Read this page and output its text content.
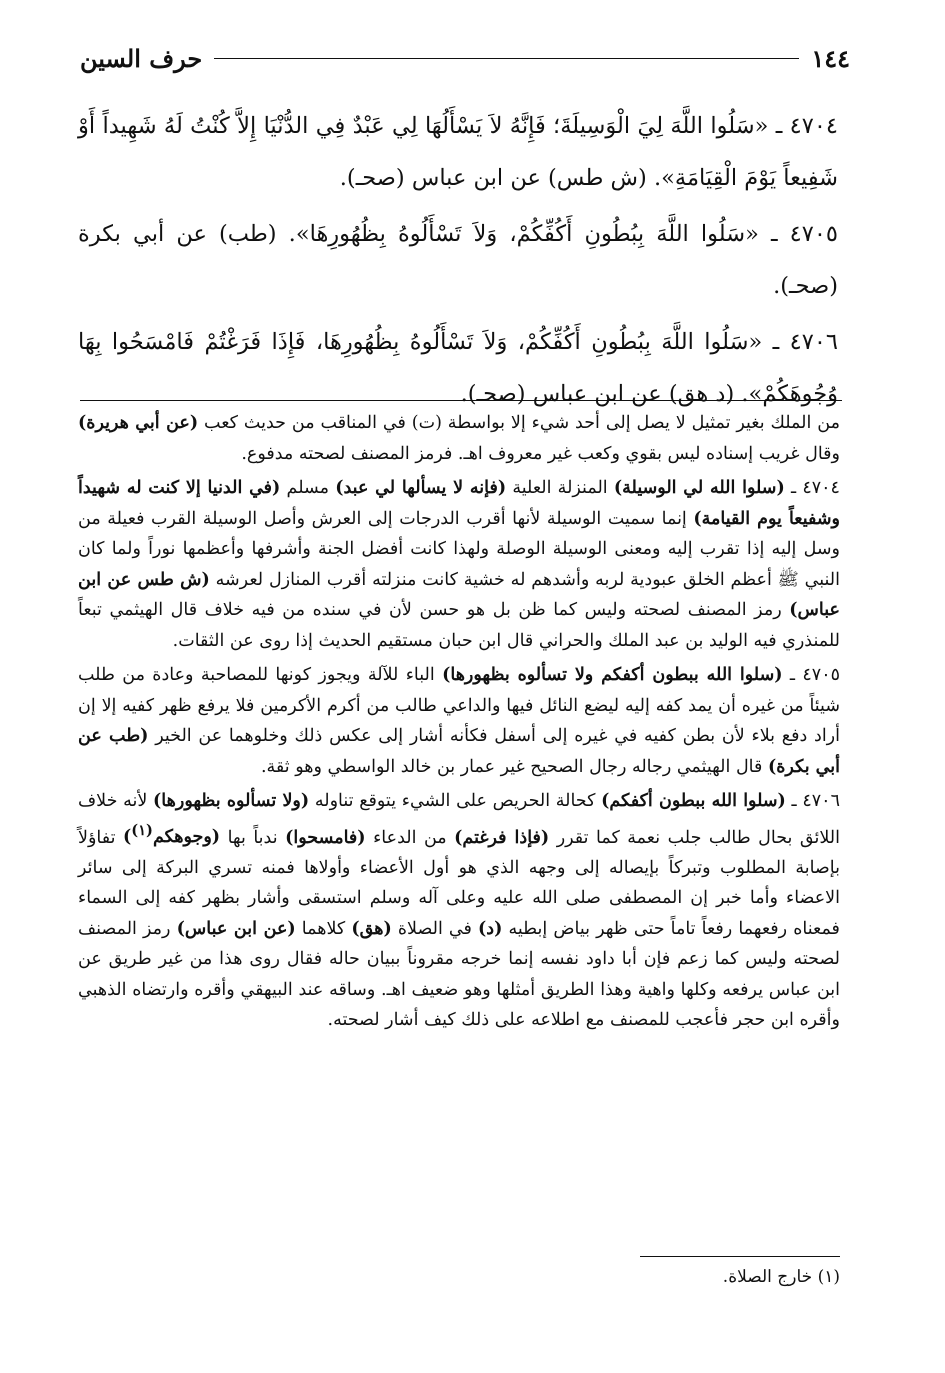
١٤٤
حرف السين

٤٧٠٤ ـ «سَلُوا اللَّهَ لِيَ الْوَسِيلَةَ؛ فَإِنَّهُ لاَ يَسْأَلُهَا لِي عَبْدٌ فِي الدُّنْيَا إِلاَّ كُنْتُ لَهُ شَهِيداً أَوْ شَفِيعاً يَوْمَ الْقِيَامَةِ». (ش طس) عن ابن عباس (صحـ).

٤٧٠٥ ـ «سَلُوا اللَّهَ بِبُطُونِ أَكُفِّكُمْ، وَلاَ تَسْأَلُوهُ بِظُهُورِهَا». (طب) عن أبي بكرة (صحـ).

٤٧٠٦ ـ «سَلُوا اللَّهَ بِبُطُونِ أَكُفِّكُمْ، وَلاَ تَسْأَلُوهُ بِظُهُورِهَا، فَإِذَا فَرَغْتُمْ فَامْسَحُوا بِهَا وُجُوهَكُمْ». (د هق) عن ابن عباس (صحـ).

من الملك بغير تمثيل لا يصل إلى أحد شيء إلا بواسطة (ت) في المناقب من حديث كعب (عن أبي هريرة) وقال غريب إسناده ليس بقوي وكعب غير معروف اهـ. فرمز المصنف لصحته مدفوع.

٤٧٠٤ ـ (سلوا الله لي الوسيلة) المنزلة العلية (فإنه لا يسألها لي عبد) مسلم (في الدنيا إلا كنت له شهيداً وشفيعاً يوم القيامة) إنما سميت الوسيلة لأنها أقرب الدرجات إلى العرش وأصل الوسيلة القرب فعيلة من وسل إليه إذا تقرب إليه ومعنى الوسيلة الوصلة ولهذا كانت أفضل الجنة وأشرفها وأعظمها نوراً ولما كان النبي ﷺ أعظم الخلق عبودية لربه وأشدهم له خشية كانت منزلته أقرب المنازل لعرشه (ش طس عن ابن عباس) رمز المصنف لصحته وليس كما ظن بل هو حسن لأن في سنده من فيه خلاف قال الهيثمي تبعاً للمنذري فيه الوليد بن عبد الملك والحراني قال ابن حبان مستقيم الحديث إذا روى عن الثقات.

٤٧٠٥ ـ (سلوا الله ببطون أكفكم ولا تسألوه بظهورها) الباء للآلة ويجوز كونها للمصاحبة وعادة من طلب شيئاً من غيره أن يمد كفه إليه ليضع النائل فيها والداعي طالب من أكرم الأكرمين فلا يرفع ظهر كفيه إلا إن أراد دفع بلاء لأن بطن كفيه في غيره إلى أسفل فكأنه أشار إلى عكس ذلك وخلوهما عن الخير (طب عن أبي بكرة) قال الهيثمي رجاله رجال الصحيح غير عمار بن خالد الواسطي وهو ثقة.

٤٧٠٦ ـ (سلوا الله ببطون أكفكم) كحالة الحريص على الشيء يتوقع تناوله (ولا تسألوه بظهورها) لأنه خلاف اللائق بحال طالب جلب نعمة كما تقرر (فإذا فرغتم) من الدعاء (فامسحوا) ندباً بها (وجوهكم$^{(١)}$) تفاؤلاً بإصابة المطلوب وتبركاً بإيصاله إلى وجهه الذي هو أول الأعضاء وأولاها فمنه تسري البركة إلى سائر الاعضاء وأما خبر إن المصطفى صلى الله عليه وعلى آله وسلم استسقى وأشار بظهر كفه إلى السماء فمعناه رفعهما رفعاً تاماً حتى ظهر بياض إبطيه (د) في الصلاة (هق) كلاهما (عن ابن عباس) رمز المصنف لصحته وليس كما زعم فإن أبا داود نفسه إنما خرجه مقروناً ببيان حاله فقال روى هذا من غير طريق عن ابن عباس يرفعه وكلها واهية وهذا الطريق أمثلها وهو ضعيف اهـ. وساقه عند البيهقي وأقره وارتضاه الذهبي وأقره ابن حجر فأعجب للمصنف مع اطلاعه على ذلك كيف أشار لصحته.

(١) خارج الصلاة.
